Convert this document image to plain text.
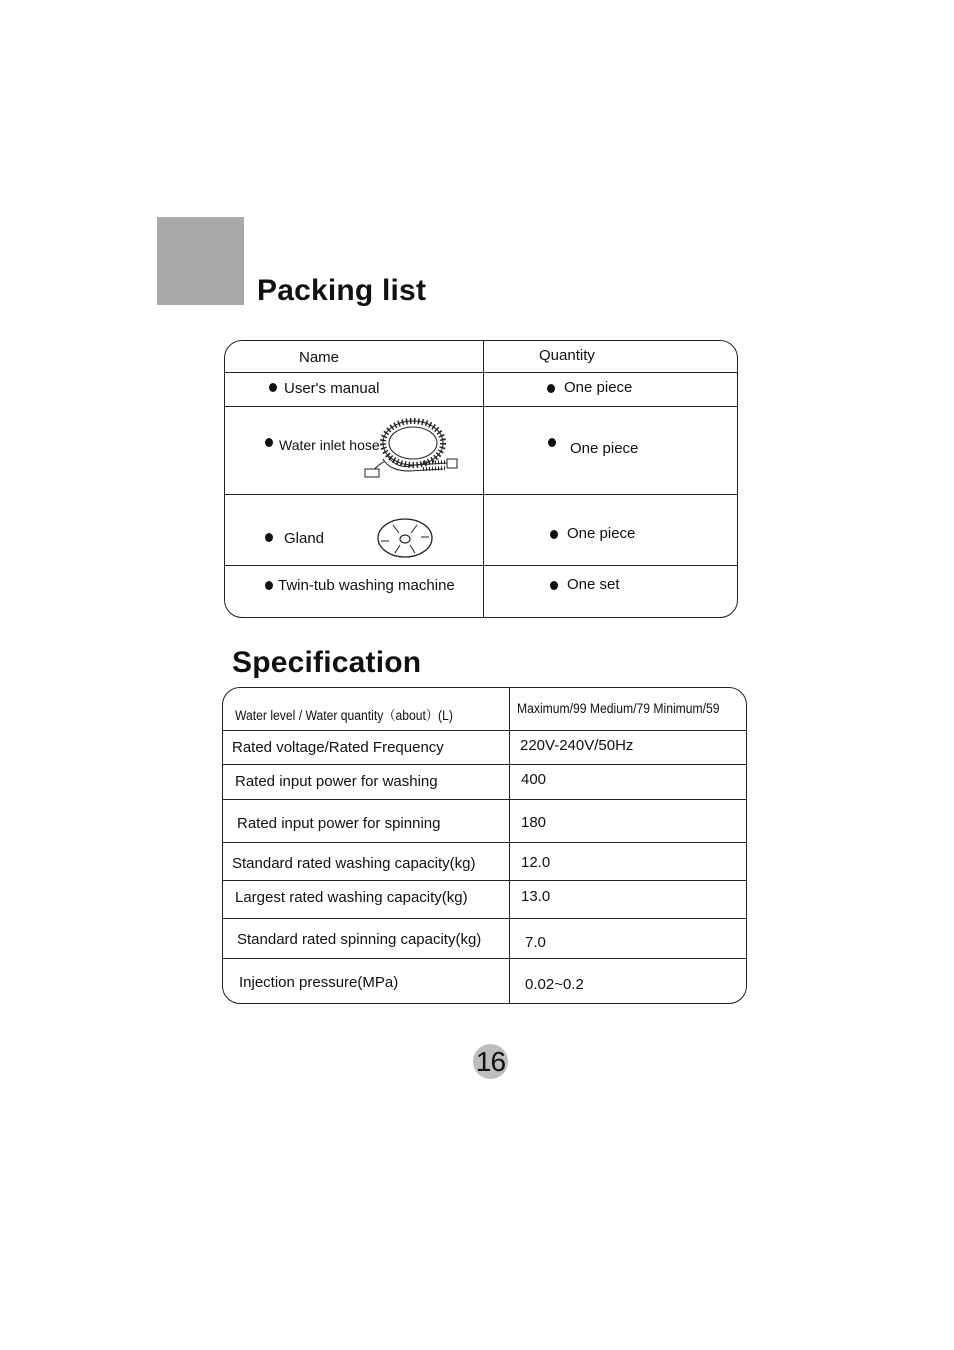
Packing list
Name	Quantity
User's manual	One piece
Water inlet hose	One piece
Gland	One piece
Twin-tub washing machine	One set
Specification
Water level / Water quantity（about）(L)	Maximum/99 Medium/79 Minimum/59
Rated voltage/Rated Frequency	220V-240V/50Hz
Rated input power for washing	400
Rated input power for spinning	180
Standard rated washing capacity(kg)	12.0
Largest rated washing capacity(kg)	13.0
Standard rated spinning capacity(kg)	7.0
Injection pressure(MPa)	0.02~0.2
16
